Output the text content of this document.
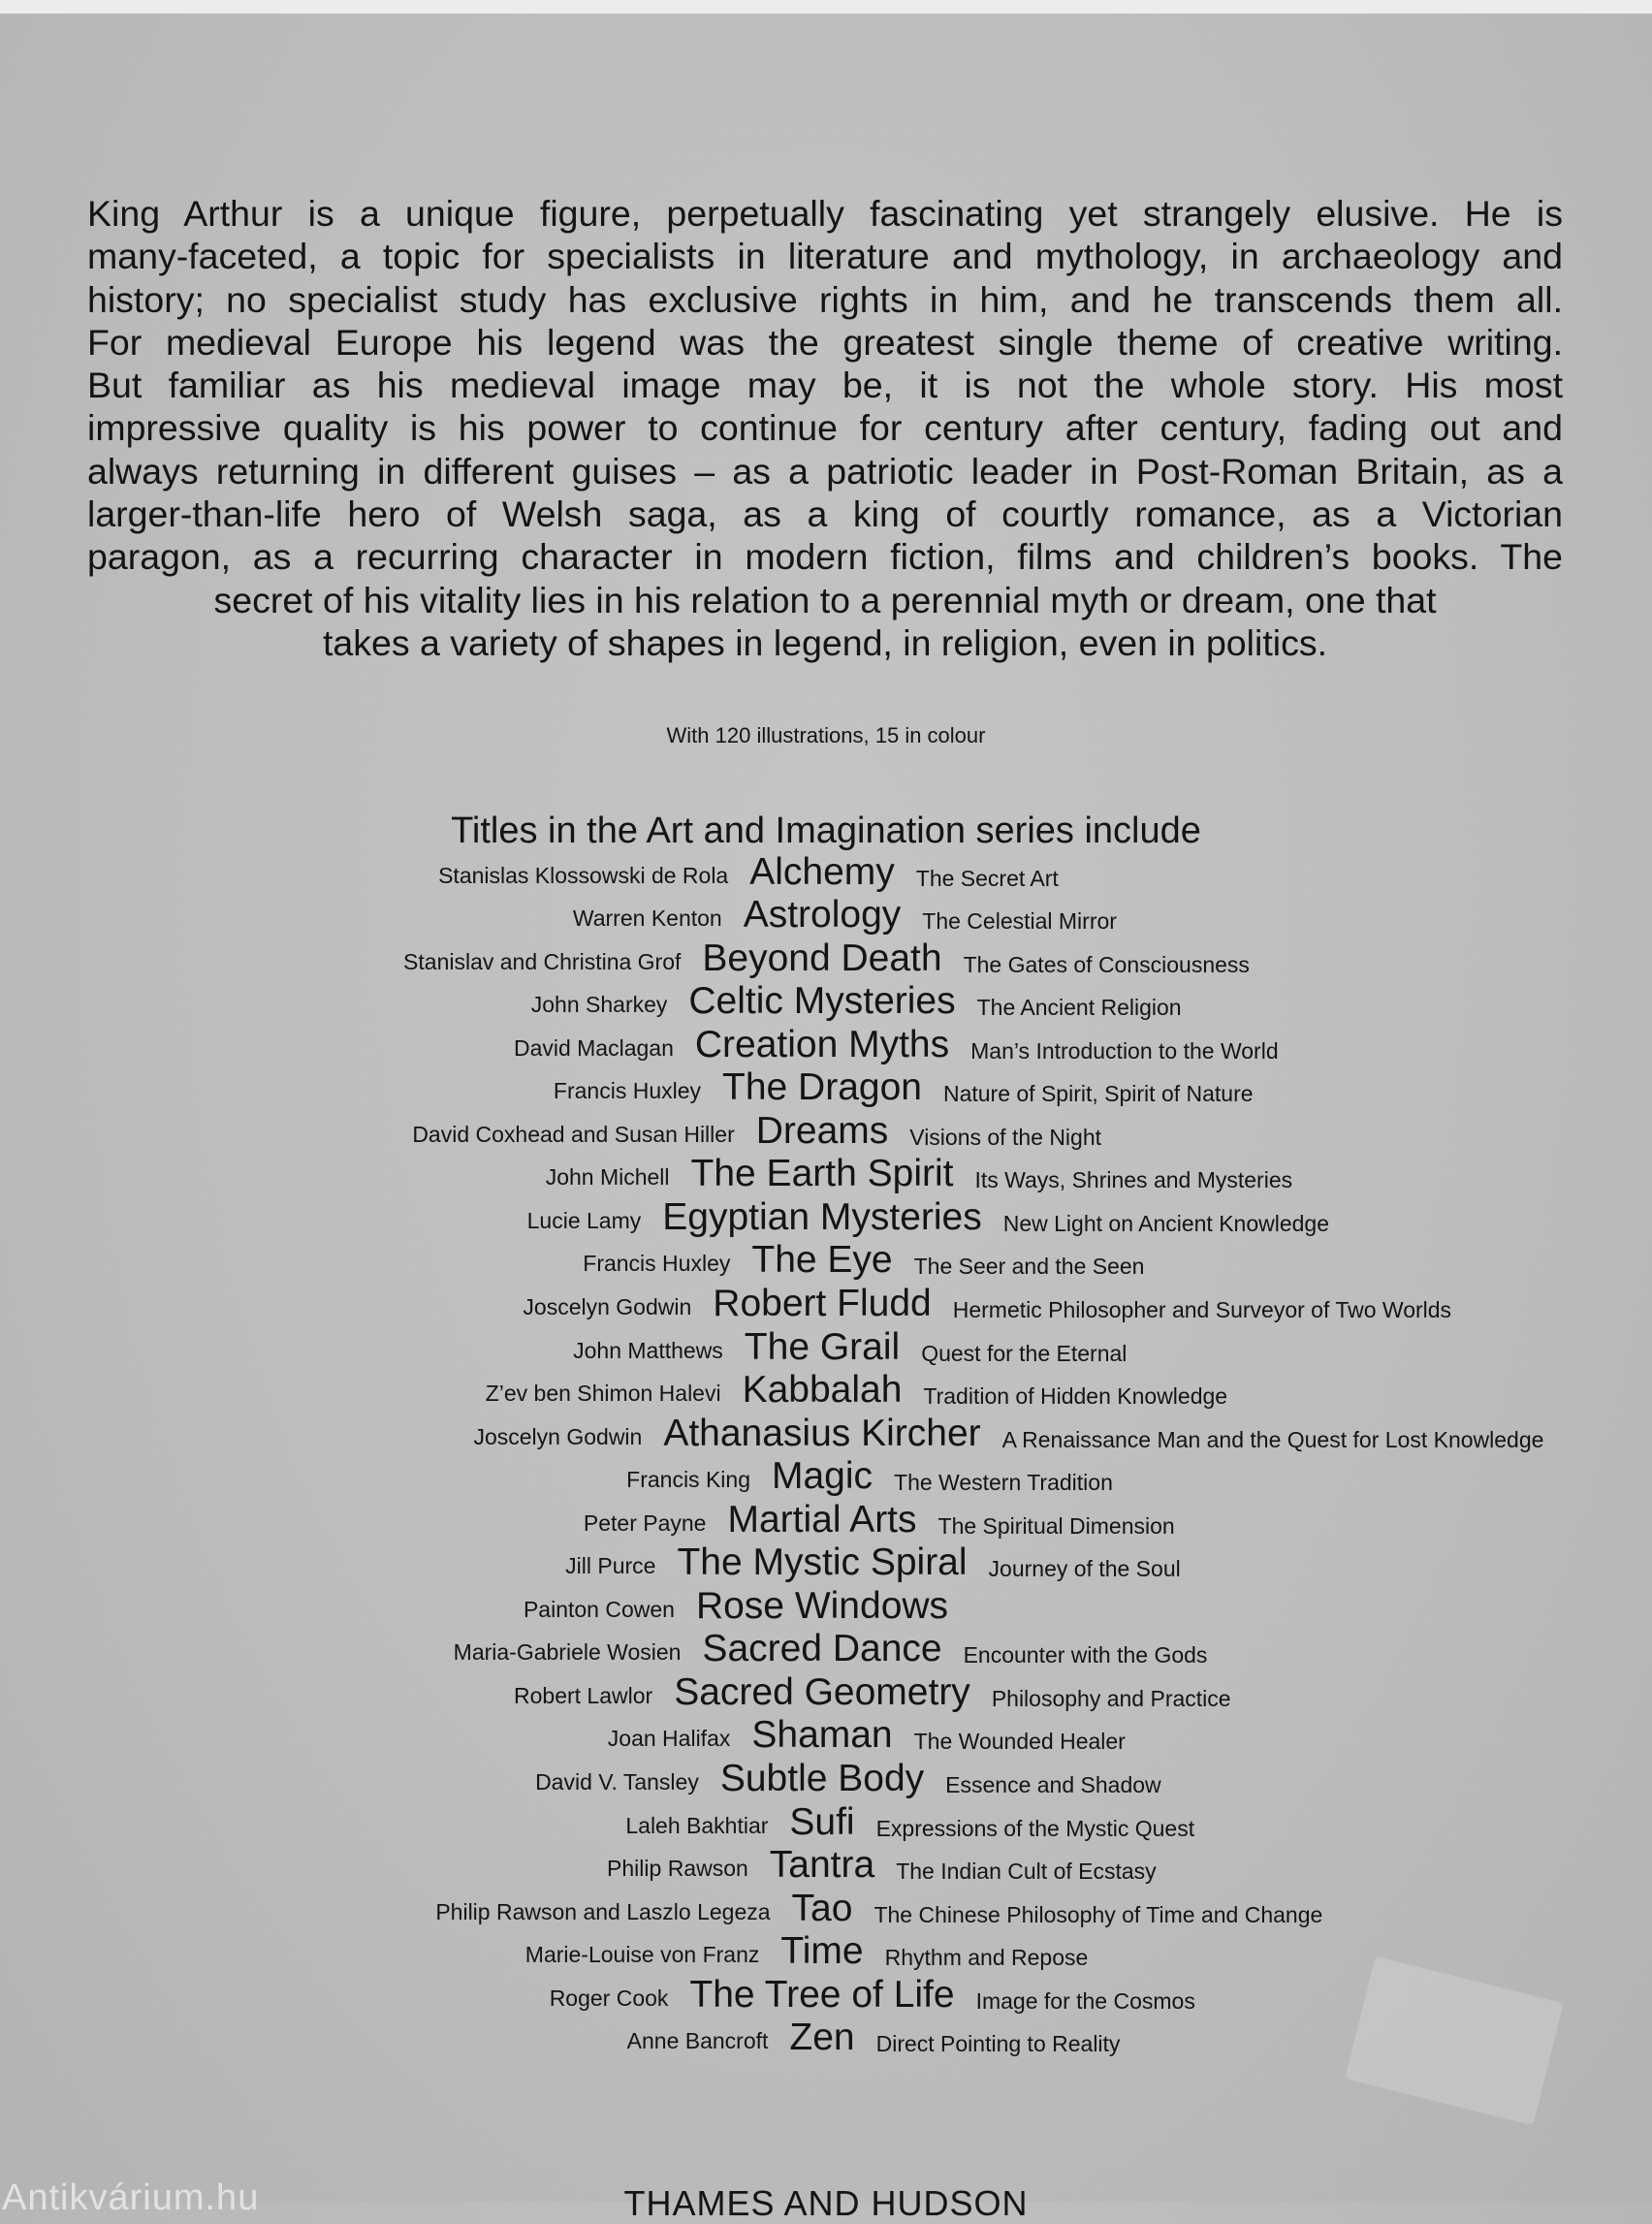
King Arthur is a unique figure, perpetually fascinating yet strangely elusive. He is
many-faceted, a topic for specialists in literature and mythology, in archaeology and
history; no specialist study has exclusive rights in him, and he transcends them all.
For medieval Europe his legend was the greatest single theme of creative writing.
But familiar as his medieval image may be, it is not the whole story. His most
impressive quality is his power to continue for century after century, fading out and
always returning in different guises – as a patriotic leader in Post-Roman Britain, as a
larger-than-life hero of Welsh saga, as a king of courtly romance, as a Victorian
paragon, as a recurring character in modern fiction, films and children’s books. The
secret of his vitality lies in his relation to a perennial myth or dream, one that
takes a variety of shapes in legend, in religion, even in politics.
With 120 illustrations, 15 in colour
Titles in the Art and Imagination series include
Stanislas Klossowski de Rola Alchemy The Secret Art
Warren Kenton Astrology The Celestial Mirror
Stanislav and Christina Grof Beyond Death The Gates of Consciousness
John Sharkey Celtic Mysteries The Ancient Religion
David Maclagan Creation Myths Man’s Introduction to the World
Francis Huxley The Dragon Nature of Spirit, Spirit of Nature
David Coxhead and Susan Hiller Dreams Visions of the Night
John Michell The Earth Spirit Its Ways, Shrines and Mysteries
Lucie Lamy Egyptian Mysteries New Light on Ancient Knowledge
Francis Huxley The Eye The Seer and the Seen
Joscelyn Godwin Robert Fludd Hermetic Philosopher and Surveyor of Two Worlds
John Matthews The Grail Quest for the Eternal
Z’ev ben Shimon Halevi Kabbalah Tradition of Hidden Knowledge
Joscelyn Godwin Athanasius Kircher A Renaissance Man and the Quest for Lost Knowledge
Francis King Magic The Western Tradition
Peter Payne Martial Arts The Spiritual Dimension
Jill Purce The Mystic Spiral Journey of the Soul
Painton Cowen Rose Windows
Maria-Gabriele Wosien Sacred Dance Encounter with the Gods
Robert Lawlor Sacred Geometry Philosophy and Practice
Joan Halifax Shaman The Wounded Healer
David V. Tansley Subtle Body Essence and Shadow
Laleh Bakhtiar Sufi Expressions of the Mystic Quest
Philip Rawson Tantra The Indian Cult of Ecstasy
Philip Rawson and Laszlo Legeza Tao The Chinese Philosophy of Time and Change
Marie-Louise von Franz Time Rhythm and Repose
Roger Cook The Tree of Life Image for the Cosmos
Anne Bancroft Zen Direct Pointing to Reality
Antikvárium.hu	THAMES AND HUDSON
